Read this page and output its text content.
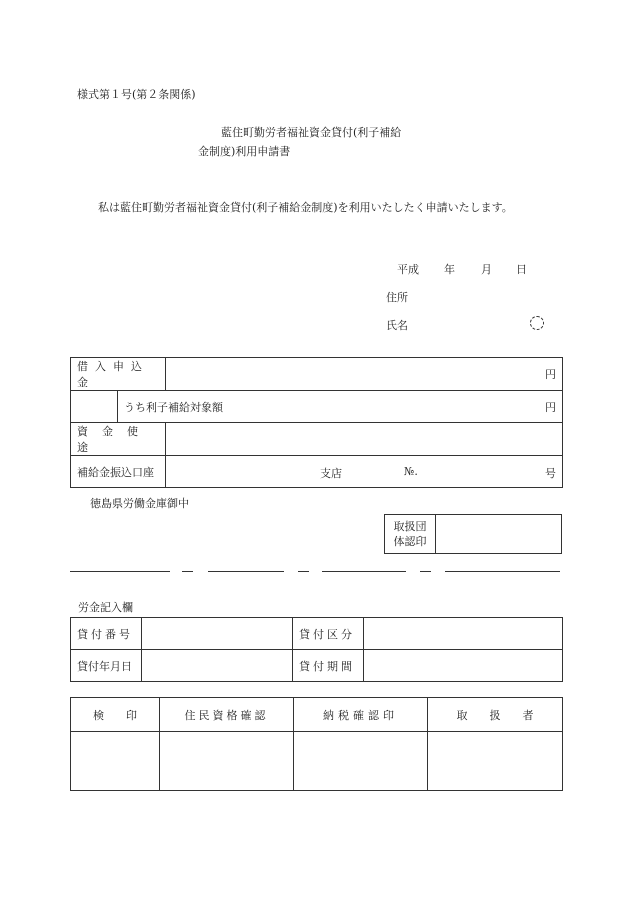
様式第１号(第２条関係)
藍住町勤労者福祉資金貸付(利子補給
金制度)利用申請書
私は藍住町勤労者福祉資金貸付(利子補給金制度)を利用いたしたく申請いたします。
平成 年 月 日
住所
氏名
借入申込金		円

	うち利子補給対象額 円	

資金使途		
補給金振込口座		支店 №. 号
徳島県労働金庫御中
取扱団
体認印

労金記入欄
貸付番号		貸付区分	
貸付年月日		貸付期間	
検　　印	住民資格確認	納税確認印	取　　扱　　者
